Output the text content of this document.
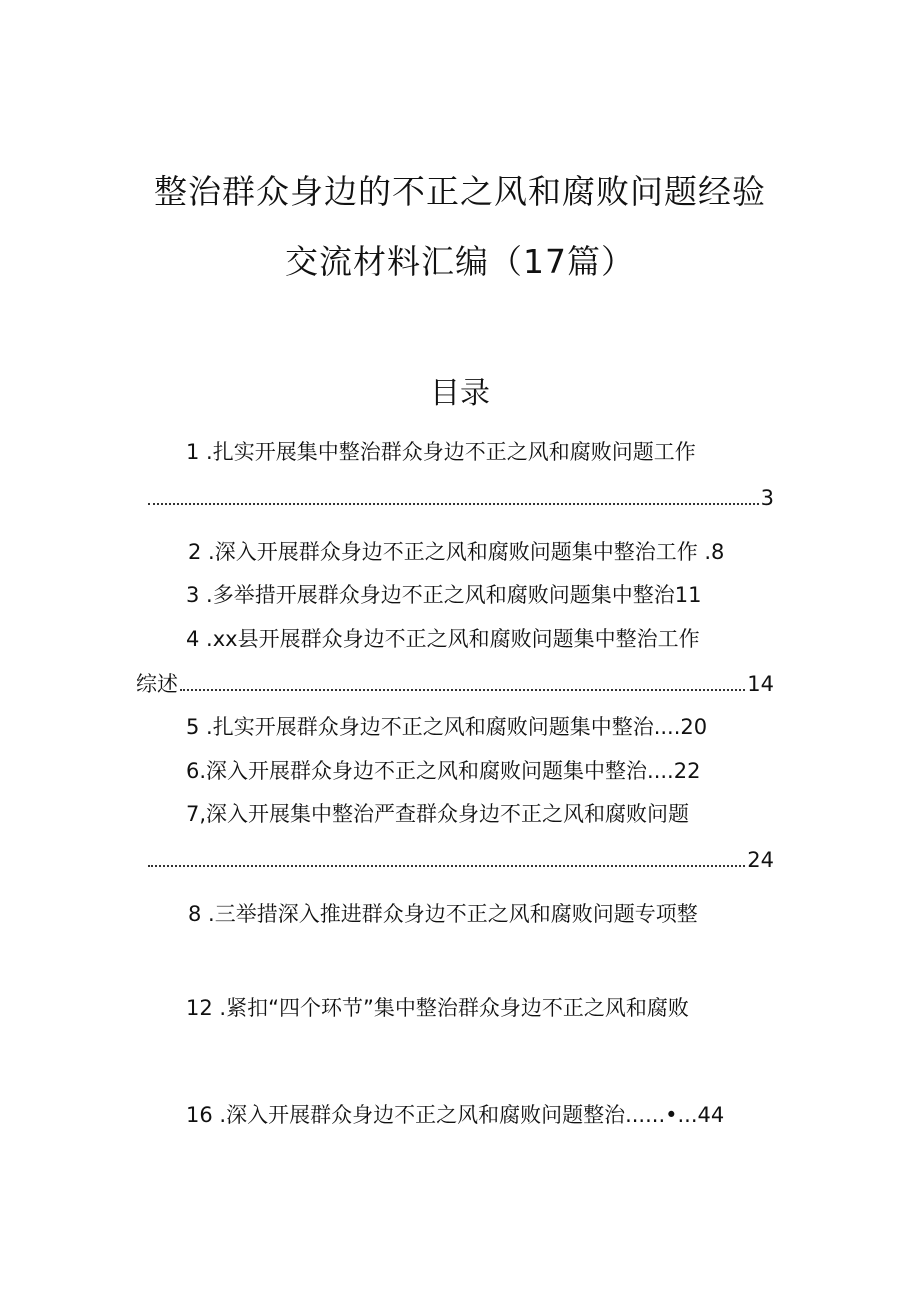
整治群众身边的不正之风和腐败问题经验
交流材料汇编（17篇）
目录
1 .扎实开展集中整治群众身边不正之风和腐败问题工作
3
2 .深入开展群众身边不正之风和腐败问题集中整治工作 .8
3 .多举措开展群众身边不正之风和腐败问题集中整治11
4 .xx县开展群众身边不正之风和腐败问题集中整治工作
综述	14
5 .扎实开展群众身边不正之风和腐败问题集中整治....20
6.深入开展群众身边不正之风和腐败问题集中整治....22
7,深入开展集中整治严查群众身边不正之风和腐败问题
24
8 .三举措深入推进群众身边不正之风和腐败问题专项整
12 .紧扣“四个环节”集中整治群众身边不正之风和腐败
16 .深入开展群众身边不正之风和腐败问题整治......•...44
